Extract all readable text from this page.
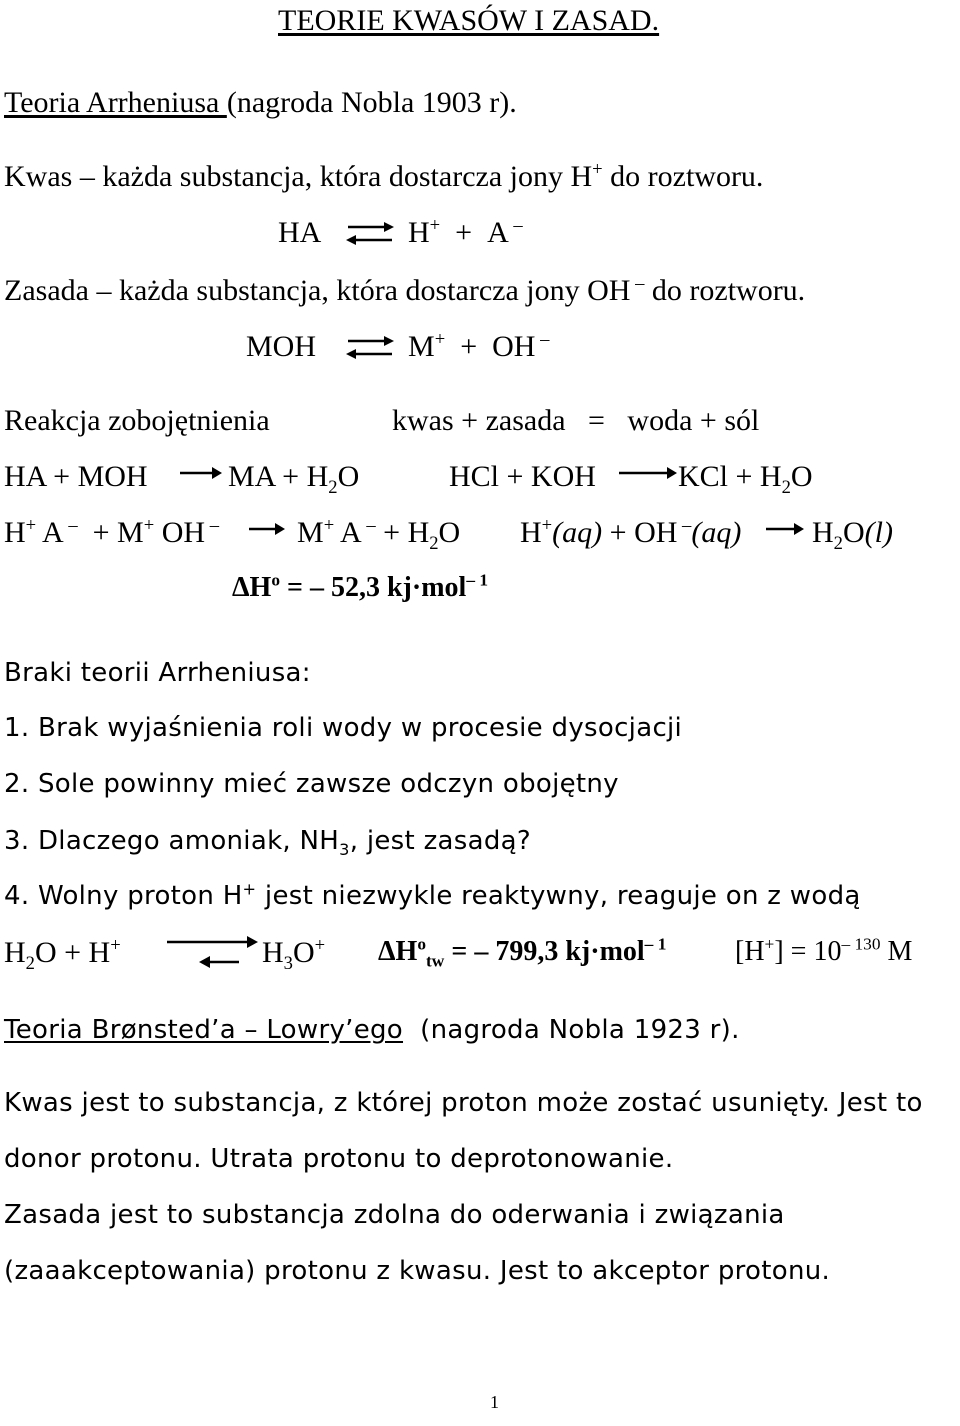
TEORIE KWASÓW I ZASAD.
Teoria Arrheniusa (nagroda Nobla 1903 r).
Kwas – każda substancja, która dostarcza jony H+ do roztworu.
HA ⇌ H+  +  A –
Zasada – każda substancja, która dostarcza jony OH – do roztworu.
MOH ⇌ M+  +  OH –
Reakcja zobojętnienia	kwas + zasada   =   woda + sól
HA + MOH	MA + $H_2O$	HCl + KOH	KCl + $H_2O$
H+ A –  + M+ OH –	M+ A $^- + H_2O$ H+(aq) + OH –(aq) $H_2O(l)$
$\Delta H^o$ = – 52,3 kj·mol$^{- 1}$
Braki teorii Arrheniusa:
1. Brak wyjaśnienia roli wody w procesie dysocjacji
2. Sole powinny mieć zawsze odczyn obojętny
3. Dlaczego amoniak, $NH_3$, jest zasadą?
4. Wolny proton H+ jest niezwykle reaktywny, reaguje on z wodą
$H_2O + H^+$	$H_3O^+$ $\Delta H^o_{tw}$ = – 799,3 kj·mol$^{- 1}$ $[H^+] = 10^{- 130}$ M
Teoria Brønsted’a – Lowry’ego (nagroda Nobla 1923 r).
Kwas jest to substancja, z której proton może zostać usunięty. Jest to
donor protonu. Utrata protonu to deprotonowanie.
Zasada jest to substancja zdolna do oderwania i związania
(zaaakceptowania) protonu z kwasu. Jest to akceptor protonu.
1
